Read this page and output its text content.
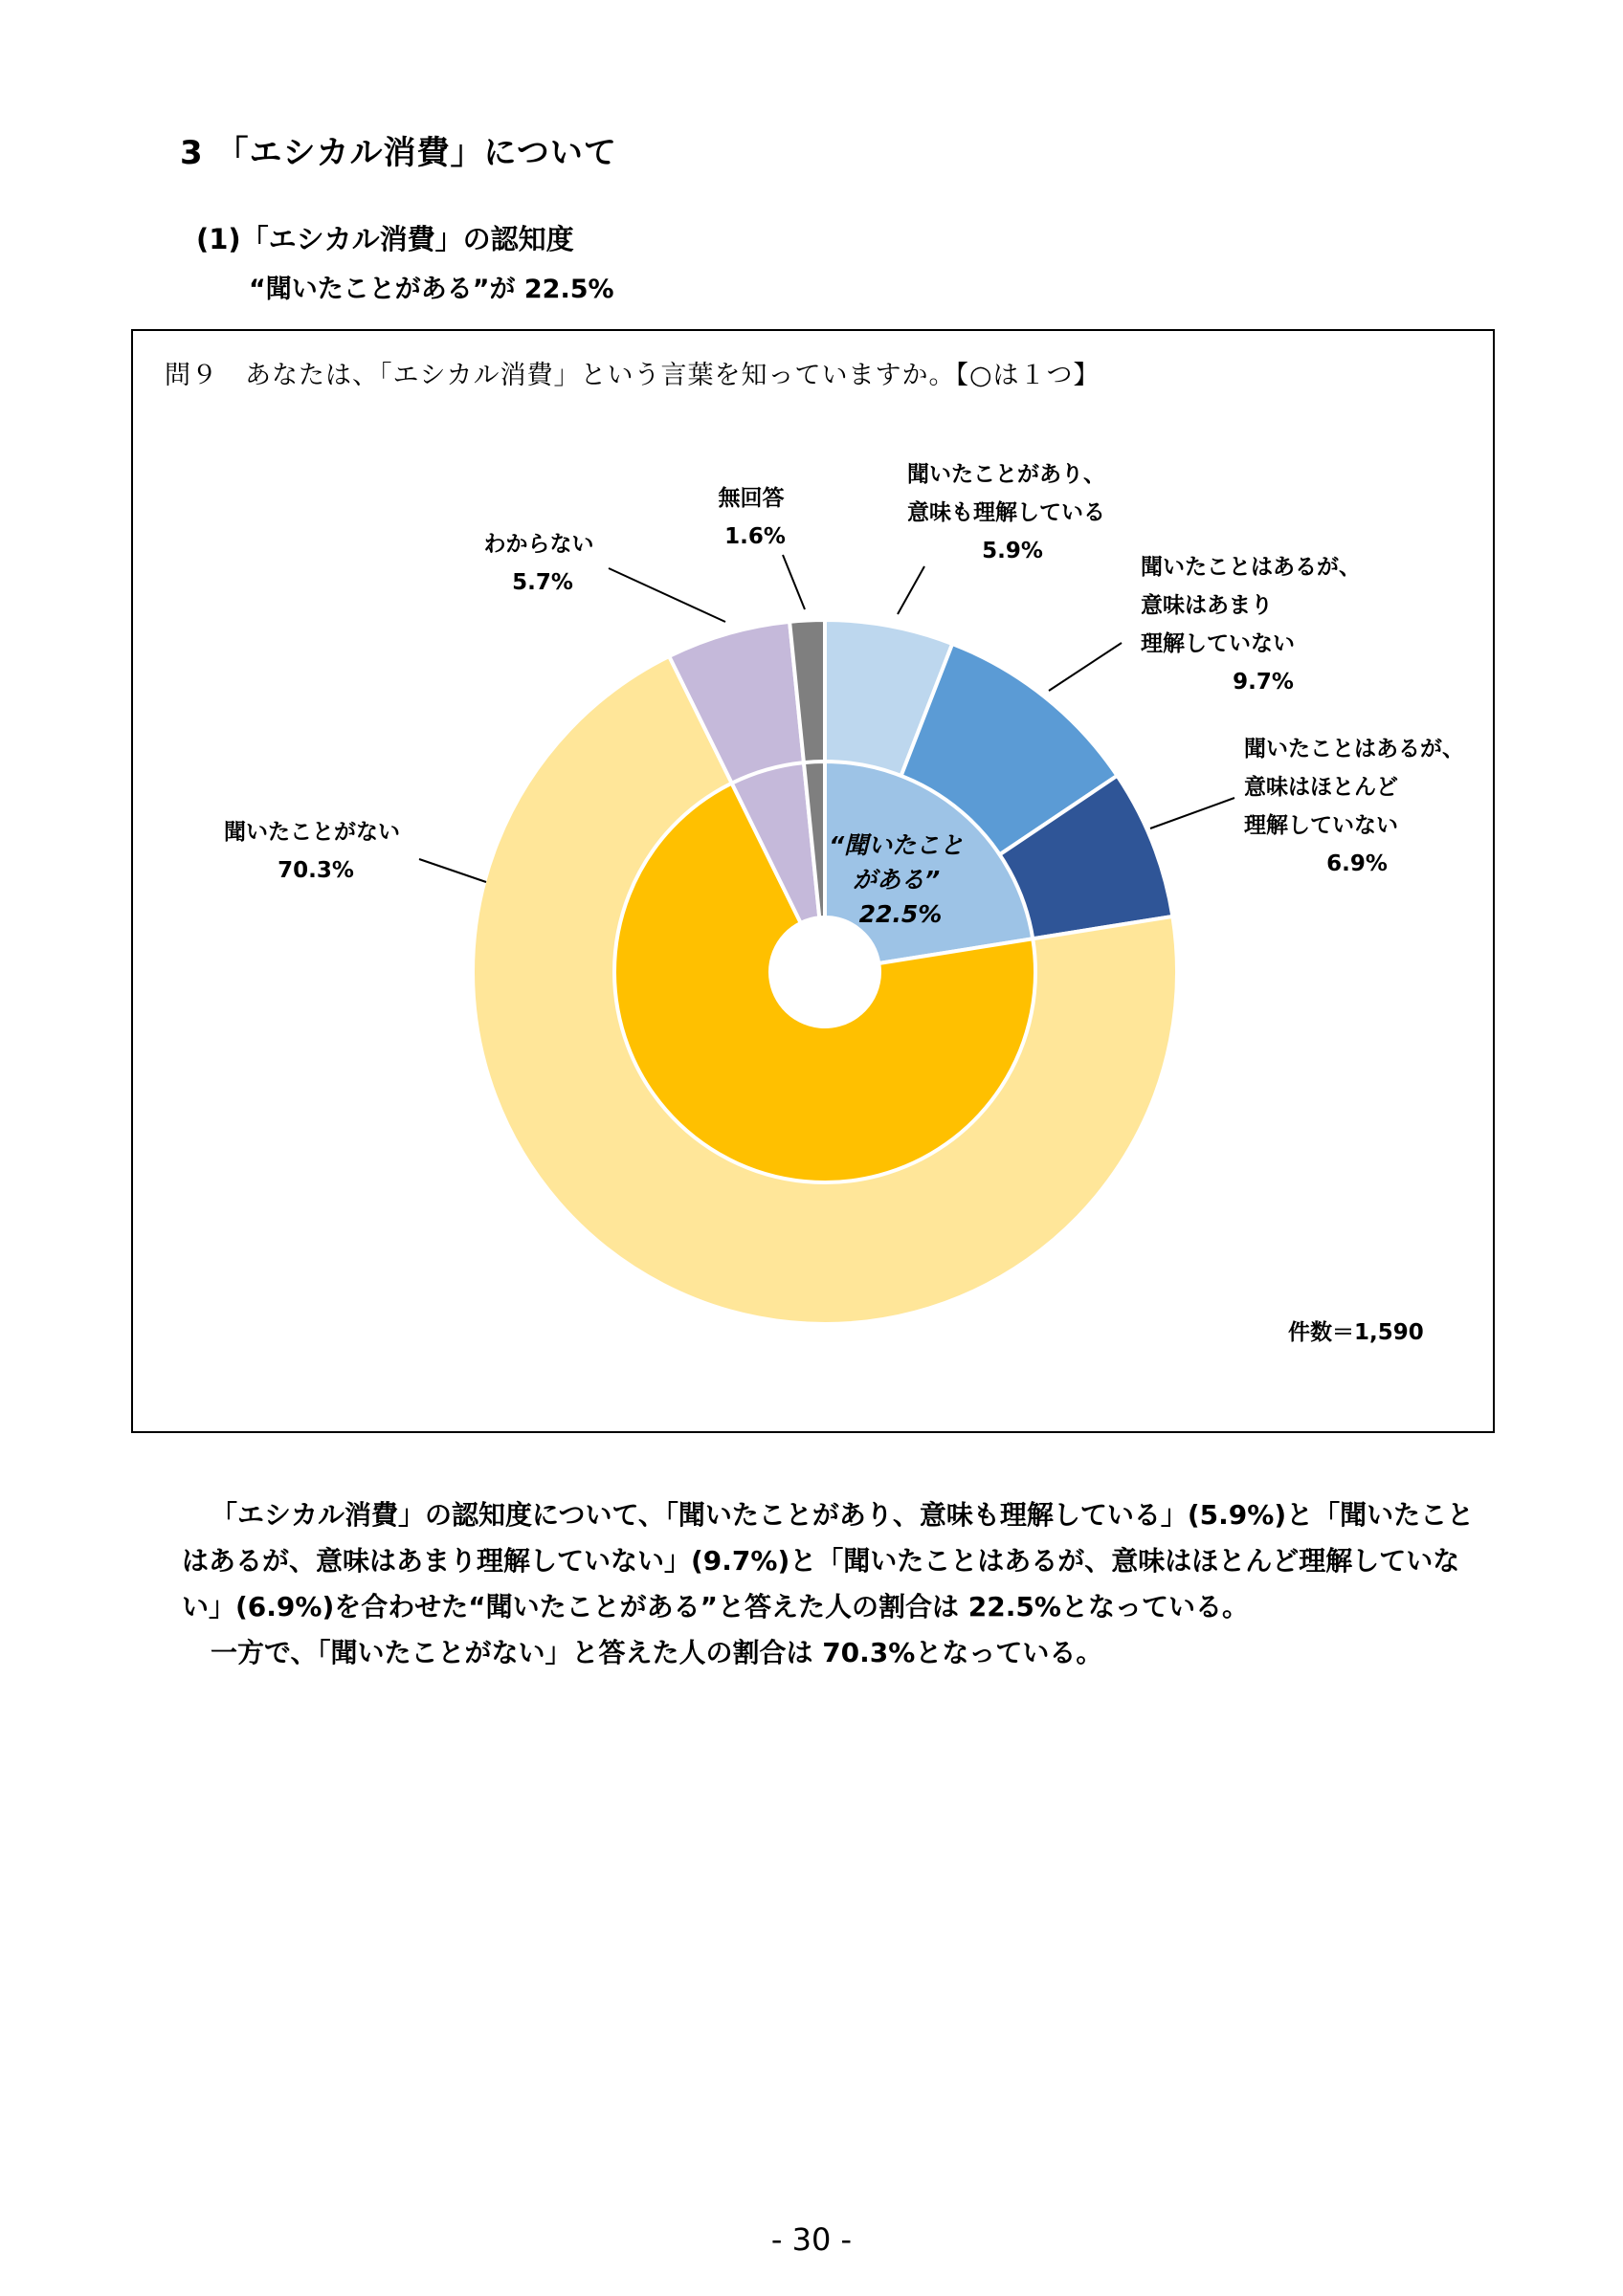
3 「エシカル消費」について
(1)「エシカル消費」の認知度
“聞いたことがある”が 22.5%
問９　あなたは、「エシカル消費」という言葉を知っていますか。【○は１つ】
聞いたことがあり、 意味も理解している 5.9%
聞いたことはあるが、 意味はあまり 理解していない 9.7%
聞いたことはあるが、 意味はほとんど 理解していない 6.9%
聞いたことがない 70.3%
わからない 5.7%
無回答 1.6%
“聞いたこと がある” 22.5%
件数＝1,590

「エシカル消費」の認知度について、「聞いたことがあり、意味も理解している」(5.9%)と「聞いたことはあるが、意味はあまり理解していない」(9.7%)と「聞いたことはあるが、意味はほとんど理解していない」(6.9%)を合わせた“聞いたことがある”と答えた人の割合は 22.5%となっている。

一方で、「聞いたことがない」と答えた人の割合は 70.3%となっている。

- 30 -
